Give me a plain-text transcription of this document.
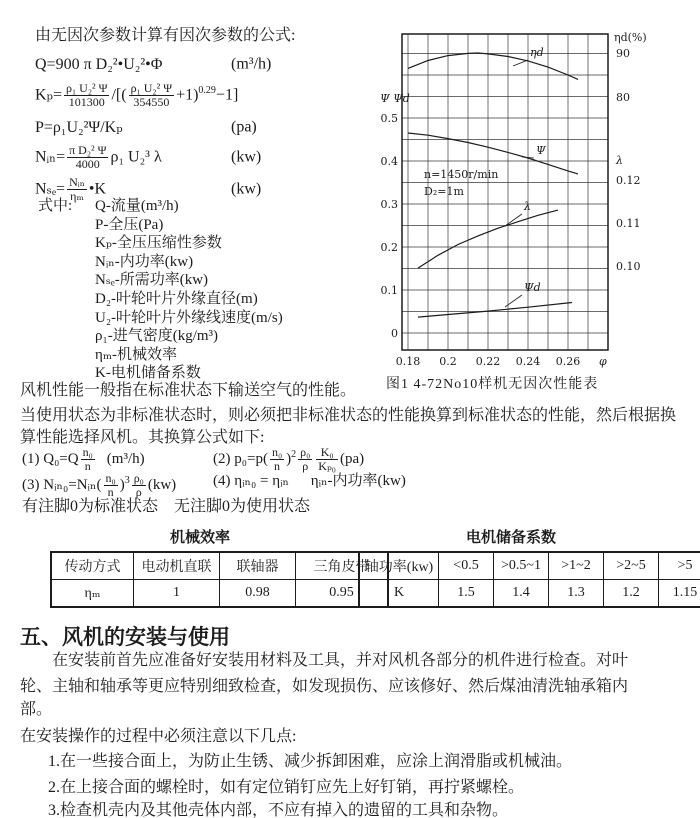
由无因次参数计算有因次参数的公式:
Q=900 π D₂²•U₂²•Φ	(m³/h)
$K_p= \frac{\text{ρ₁ U₂² Ψ}}{101300}$ /[( $\frac{\text{ρ₁ U₂² Ψ}}{354550} +1)^{0.29}-1$]
P=ρ₁U₂²Ψ/Kₚ	(pa)
Nᵢₙ= $\frac{\text{π D₂² Ψ}}{4000} \rho_1$ U₂³ λ	(kw)
$N_{se}= \frac{\text{Nᵢₙ}}{\text{ηₘ}}$ •K	(kw)
式中: Q-流量(m³/h)
P-全压(Pa)
Kₚ-全压压缩性参数
Nᵢₙ-内功率(kw)
Nₛₑ-所需功率(kw)
D₂-叶轮叶片外缘直径(m)
U₂-叶轮叶片外缘线速度(m/s)
ρ₁-进气密度(kg/m³)
ηₘ-机械效率
K-电机储备系数
0.18 0.2 0.22 0.24 0.26 φ
0.5
0.4
0.3
0.2
0.1
0
Ψ Ψd
ηd(%)
90
80
λ
0.12
0.11
0.10
n=1450r/min
D₂=1m
ηd
Ψ
λ
Ψd
图1 4-72No10样机无因次性能表
风机性能一般指在标准状态下输送空气的性能。
当使用状态为非标准状态时，则必须把非标准状态的性能换算到标准状态的性能，然后根据换
算性能选择风机。其换算公式如下:
(1) $Q_0=Q \frac{\text{n₀}}{n} (m^3/h)$	(2) $p_0=p( \frac{\text{n₀}}{n} )^2 \frac{\text{ρ₀}}{\rho} \frac{\text{K₀}}{\text{Kₚ₀}} (pa)$
(3) Nᵢₙ₀=Nᵢₙ( $\frac{\text{n₀}}{n} )^3 \frac{\text{ρ₀}}{\rho} (kw)$ (4) ηᵢₙ₀ = ηᵢₙ ηᵢₙ-内功率(kw)
有注脚0为标准状态　无注脚0为使用状态
机械效率
传动方式	电动机直联	联轴器	三角皮带
ηₘ	1	0.98	0.95
电机储备系数
轴功率(kw)	<0.5	>0.5~1	>1~2	>2~5	>5
K	1.5	1.4	1.3	1.2	1.15
五、风机的安装与使用
在安装前首先应准备好安装用材料及工具，并对风机各部分的机件进行检查。对叶
轮、主轴和轴承等更应特别细致检查，如发现损伤、应该修好、然后煤油清洗轴承箱内
部。
在安装操作的过程中必须注意以下几点:
1.在一些接合面上，为防止生锈、减少拆卸困难，应涂上润滑脂或机械油。
2.在上接合面的螺栓时，如有定位销钉应先上好钉销，再拧紧螺栓。
3.检查机壳内及其他壳体内部，不应有掉入的遗留的工具和杂物。
